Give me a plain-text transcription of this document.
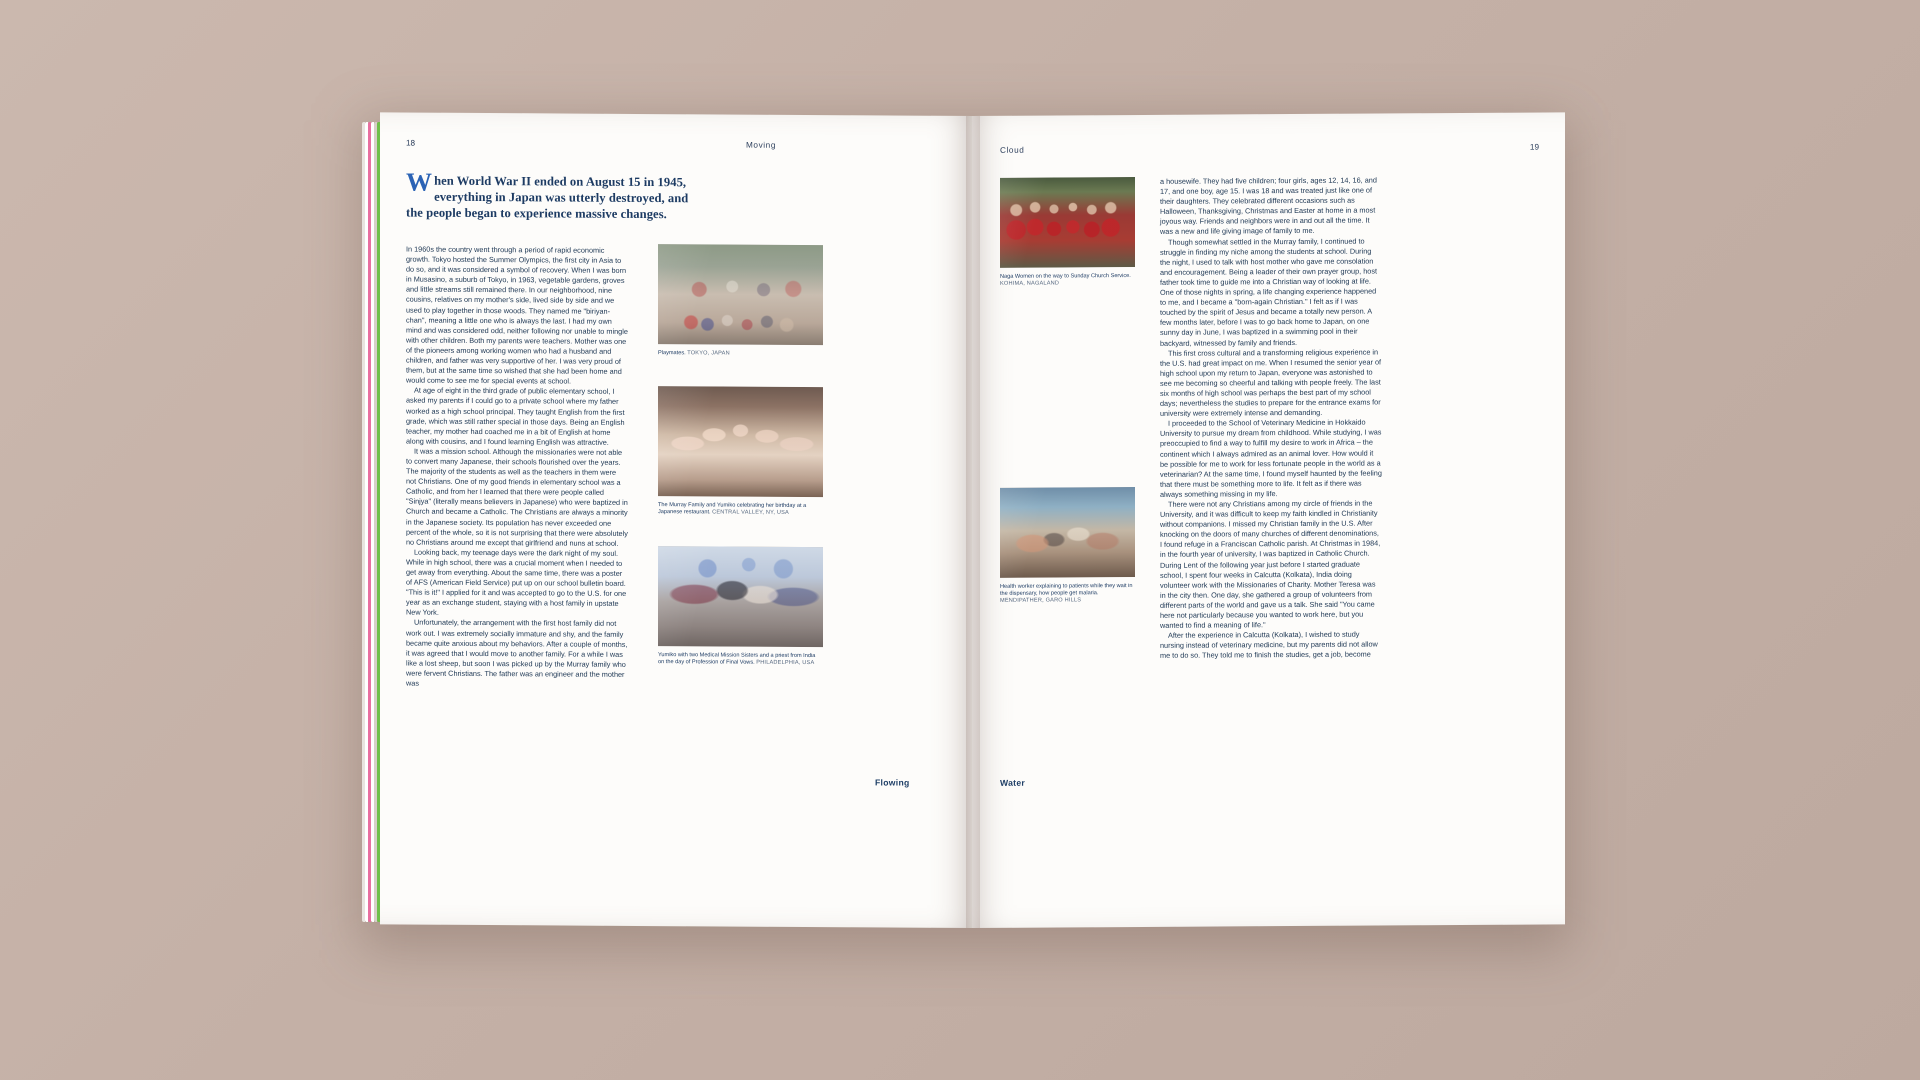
18	Moving
When World War II ended on August 15 in 1945, everything in Japan was utterly destroyed, and the people began to experience massive changes.

In 1960s the country went through a period of rapid economic growth. Tokyo hosted the Summer Olympics, the first city in Asia to do so, and it was considered a symbol of recovery. When I was born in Musasino, a suburb of Tokyo, in 1963, vegetable gardens, groves and little streams still remained there. In our neighborhood, nine cousins, relatives on my mother's side, lived side by side and we used to play together in those woods. They named me "biriyan-chan", meaning a little one who is always the last. I had my own mind and was considered odd, neither following nor unable to mingle with other children. Both my parents were teachers. Mother was one of the pioneers among working women who had a husband and children, and father was very supportive of her. I was very proud of them, but at the same time so wished that she had been home and would come to see me for special events at school.

At age of eight in the third grade of public elementary school, I asked my parents if I could go to a private school where my father worked as a high school principal. They taught English from the first grade, which was still rather special in those days. Being an English teacher, my mother had coached me in a bit of English at home along with cousins, and I found learning English was attractive.

It was a mission school. Although the missionaries were not able to convert many Japanese, their schools flourished over the years. The majority of the students as well as the teachers in them were not Christians. One of my good friends in elementary school was a Catholic, and from her I learned that there were people called "Sinjya" (literally means believers in Japanese) who were baptized in Church and became a Catholic. The Christians are always a minority in the Japanese society. Its population has never exceeded one percent of the whole, so it is not surprising that there were absolutely no Christians around me except that girlfriend and nuns at school.

Looking back, my teenage days were the dark night of my soul. While in high school, there was a crucial moment when I needed to get away from everything. About the same time, there was a poster of AFS (American Field Service) put up on our school bulletin board. "This is it!" I applied for it and was accepted to go to the U.S. for one year as an exchange student, staying with a host family in upstate New York.

Unfortunately, the arrangement with the first host family did not work out. I was extremely socially immature and shy, and the family became quite anxious about my behaviors. After a couple of months, it was agreed that I would move to another family. For a while I was like a lost sheep, but soon I was picked up by the Murray family who were fervent Christians. The father was an engineer and the mother was

Playmates. TOKYO, JAPAN
The Murray Family and Yumiko celebrating her birthday at a Japanese restaurant. CENTRAL VALLEY, NY, USA
Yumiko with two Medical Mission Sisters and a priest from India on the day of Profession of Final Vows. PHILADELPHIA, USA
Flowing
Cloud	19
Naga Women on the way to Sunday Church Service. KOHIMA, NAGALAND
Health worker explaining to patients while they wait in the dispensary, how people get malaria. MENDIPATHER, GARO HILLS

a housewife. They had five children; four girls, ages 12, 14, 16, and 17, and one boy, age 15. I was 18 and was treated just like one of their daughters. They celebrated different occasions such as Halloween, Thanksgiving, Christmas and Easter at home in a most joyous way. Friends and neighbors were in and out all the time. It was a new and life giving image of family to me.

Though somewhat settled in the Murray family, I continued to struggle in finding my niche among the students at school. During the night, I used to talk with host mother who gave me consolation and encouragement. Being a leader of their own prayer group, host father took time to guide me into a Christian way of looking at life. One of those nights in spring, a life changing experience happened to me, and I became a "born-again Christian." I felt as if I was touched by the spirit of Jesus and became a totally new person. A few months later, before I was to go back home to Japan, on one sunny day in June, I was baptized in a swimming pool in their backyard, witnessed by family and friends.

This first cross cultural and a transforming religious experience in the U.S. had great impact on me. When I resumed the senior year of high school upon my return to Japan, everyone was astonished to see me becoming so cheerful and talking with people freely. The last six months of high school was perhaps the best part of my school days; nevertheless the studies to prepare for the entrance exams for university were extremely intense and demanding.

I proceeded to the School of Veterinary Medicine in Hokkaido University to pursue my dream from childhood. While studying, I was preoccupied to find a way to fulfill my desire to work in Africa – the continent which I always admired as an animal lover. How would it be possible for me to work for less fortunate people in the world as a veterinarian? At the same time, I found myself haunted by the feeling that there must be something more to life. It felt as if there was always something missing in my life.

There were not any Christians among my circle of friends in the University, and it was difficult to keep my faith kindled in Christianity without companions. I missed my Christian family in the U.S. After knocking on the doors of many churches of different denominations, I found refuge in a Franciscan Catholic parish. At Christmas in 1984, in the fourth year of university, I was baptized in Catholic Church. During Lent of the following year just before I started graduate school, I spent four weeks in Calcutta (Kolkata), India doing volunteer work with the Missionaries of Charity. Mother Teresa was in the city then. One day, she gathered a group of volunteers from different parts of the world and gave us a talk. She said "You came here not particularly because you wanted to work here, but you wanted to find a meaning of life."

After the experience in Calcutta (Kolkata), I wished to study nursing instead of veterinary medicine, but my parents did not allow me to do so. They told me to finish the studies, get a job, become

Water
